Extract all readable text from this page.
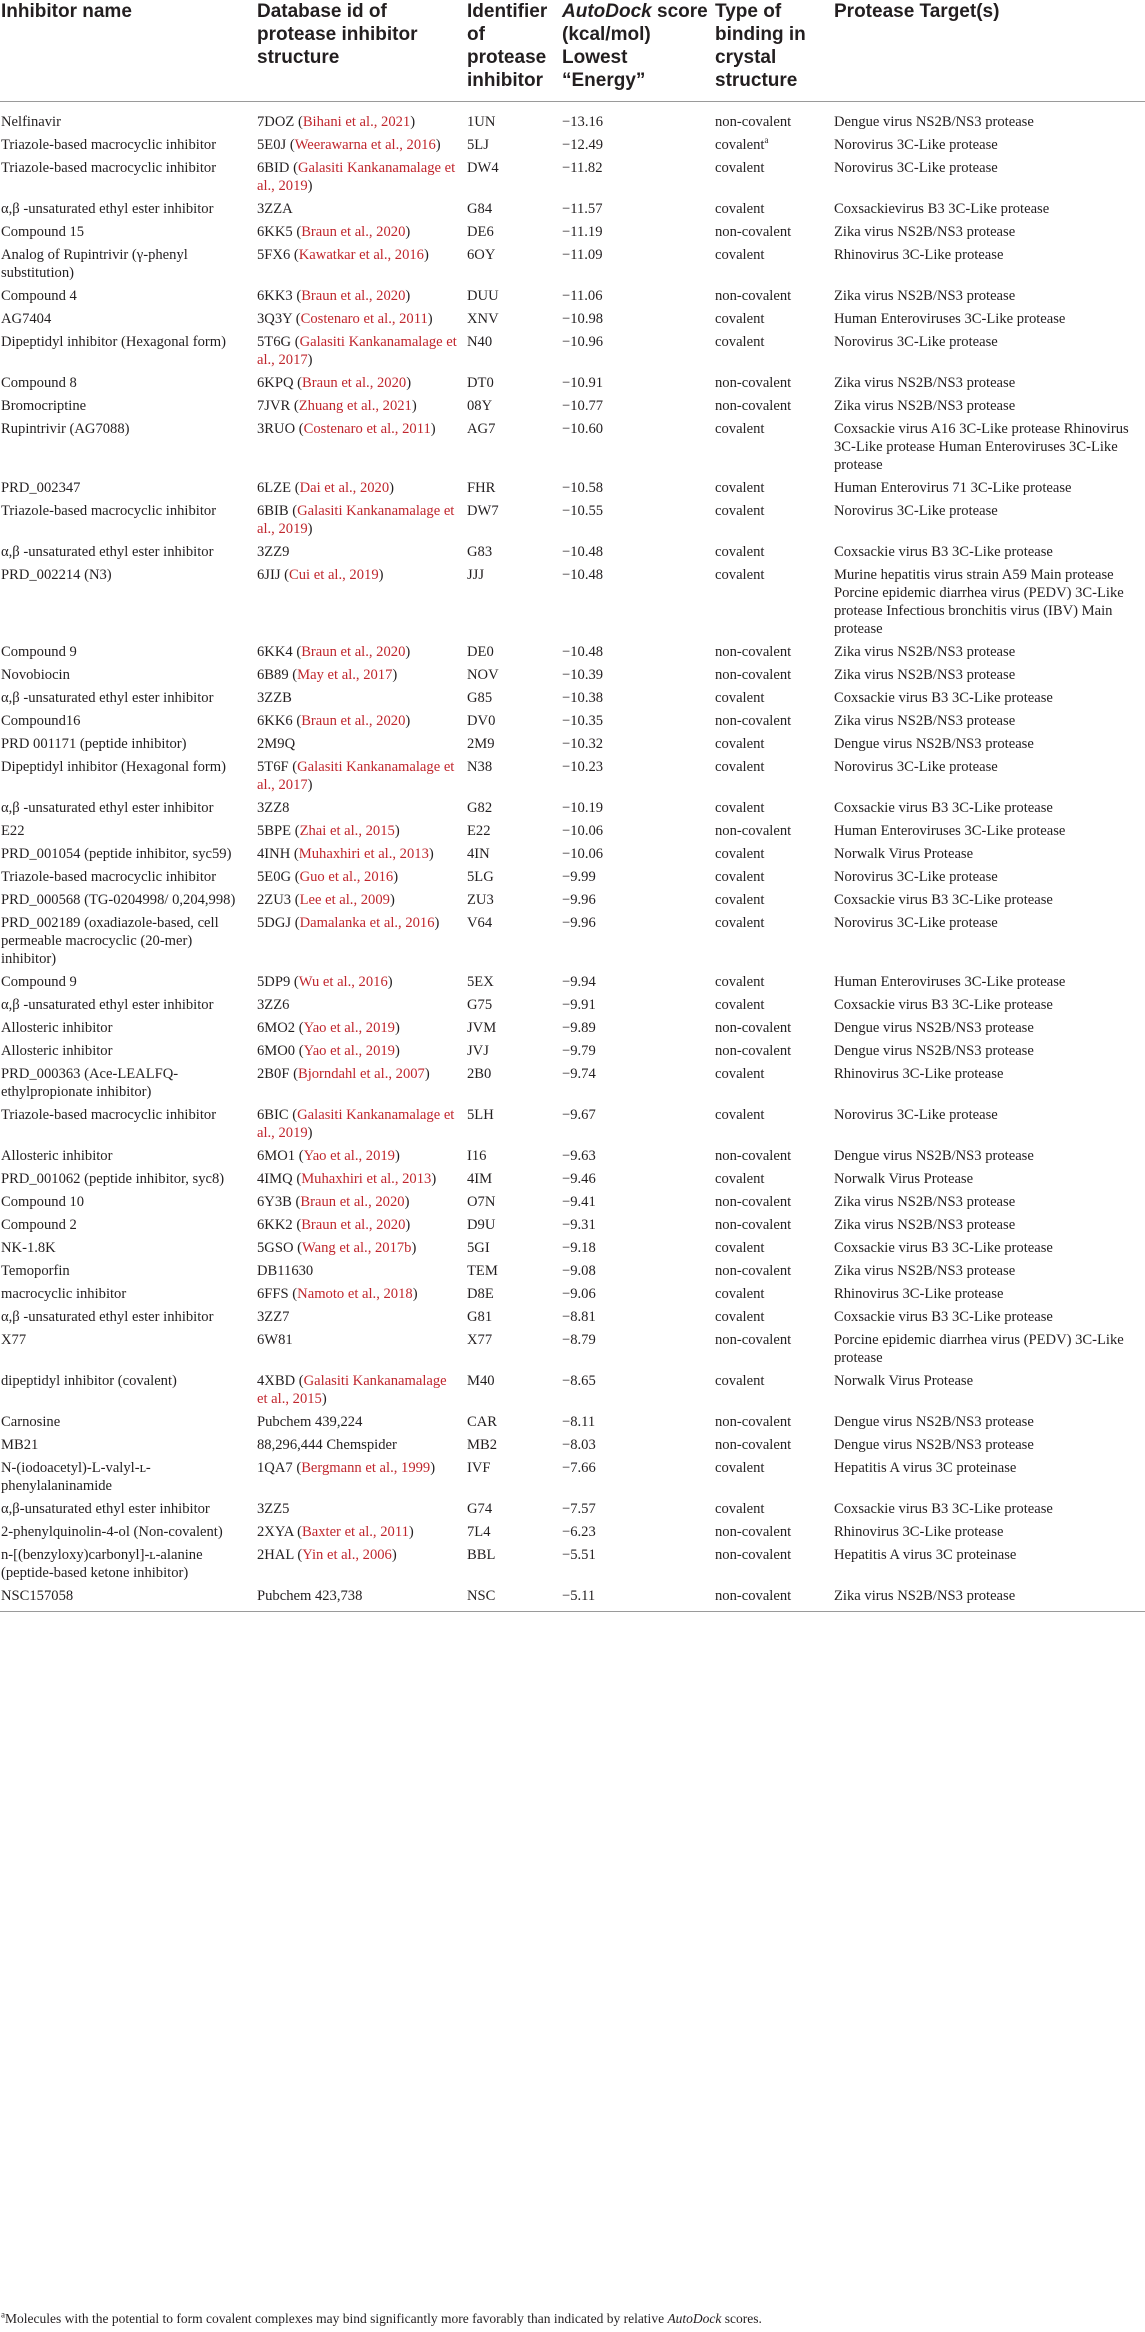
Inhibitor name	Database id of protease inhibitor structure	Identifier of protease inhibitor	AutoDock score (kcal/mol) Lowest “Energy”	Type of binding in crystal structure	Protease Target(s)
Nelfinavir	7DOZ (Bihani et al., 2021)	1UN	−13.16	non-covalent	Dengue virus NS2B/NS3 protease
Triazole-based macrocyclic inhibitor	5E0J (Weerawarna et al., 2016)	5LJ	−12.49	covalent$^a$	Norovirus 3C-Like protease
Triazole-based macrocyclic inhibitor	6BID (Galasiti Kankanamalage et al., 2019)	DW4	−11.82	covalent	Norovirus 3C-Like protease
α,β -unsaturated ethyl ester inhibitor	3ZZA	G84	−11.57	covalent	Coxsackievirus B3 3C-Like protease
Compound 15	6KK5 (Braun et al., 2020)	DE6	−11.19	non-covalent	Zika virus NS2B/NS3 protease
Analog of Rupintrivir (γ-phenyl substitution)	5FX6 (Kawatkar et al., 2016)	6OY	−11.09	covalent	Rhinovirus 3C-Like protease
Compound 4	6KK3 (Braun et al., 2020)	DUU	−11.06	non-covalent	Zika virus NS2B/NS3 protease
AG7404	3Q3Y (Costenaro et al., 2011)	XNV	−10.98	covalent	Human Enteroviruses 3C-Like protease
Dipeptidyl inhibitor (Hexagonal form)	5T6G (Galasiti Kankanamalage et al., 2017)	N40	−10.96	covalent	Norovirus 3C-Like protease
Compound 8	6KPQ (Braun et al., 2020)	DT0	−10.91	non-covalent	Zika virus NS2B/NS3 protease
Bromocriptine	7JVR (Zhuang et al., 2021)	08Y	−10.77	non-covalent	Zika virus NS2B/NS3 protease
Rupintrivir (AG7088)	3RUO (Costenaro et al., 2011)	AG7	−10.60	covalent	Coxsackie virus A16 3C-Like protease Rhinovirus 3C-Like protease Human Enteroviruses 3C-Like protease
PRD_002347	6LZE (Dai et al., 2020)	FHR	−10.58	covalent	Human Enterovirus 71 3C-Like protease
Triazole-based macrocyclic inhibitor	6BIB (Galasiti Kankanamalage et al., 2019)	DW7	−10.55	covalent	Norovirus 3C-Like protease
α,β -unsaturated ethyl ester inhibitor	3ZZ9	G83	−10.48	covalent	Coxsackie virus B3 3C-Like protease
PRD_002214 (N3)	6JIJ (Cui et al., 2019)	JJJ	−10.48	covalent	Murine hepatitis virus strain A59 Main protease Porcine epidemic diarrhea virus (PEDV) 3C-Like protease Infectious bronchitis virus (IBV) Main protease
Compound 9	6KK4 (Braun et al., 2020)	DE0	−10.48	non-covalent	Zika virus NS2B/NS3 protease
Novobiocin	6B89 (May et al., 2017)	NOV	−10.39	non-covalent	Zika virus NS2B/NS3 protease
α,β -unsaturated ethyl ester inhibitor	3ZZB	G85	−10.38	covalent	Coxsackie virus B3 3C-Like protease
Compound16	6KK6 (Braun et al., 2020)	DV0	−10.35	non-covalent	Zika virus NS2B/NS3 protease
PRD 001171 (peptide inhibitor)	2M9Q	2M9	−10.32	covalent	Dengue virus NS2B/NS3 protease
Dipeptidyl inhibitor (Hexagonal form)	5T6F (Galasiti Kankanamalage et al., 2017)	N38	−10.23	covalent	Norovirus 3C-Like protease
α,β -unsaturated ethyl ester inhibitor	3ZZ8	G82	−10.19	covalent	Coxsackie virus B3 3C-Like protease
E22	5BPE (Zhai et al., 2015)	E22	−10.06	non-covalent	Human Enteroviruses 3C-Like protease
PRD_001054 (peptide inhibitor, syc59)	4INH (Muhaxhiri et al., 2013)	4IN	−10.06	covalent	Norwalk Virus Protease
Triazole-based macrocyclic inhibitor	5E0G (Guo et al., 2016)	5LG	−9.99	covalent	Norovirus 3C-Like protease
PRD_000568 (TG-0204998/ 0,204,998)	2ZU3 (Lee et al., 2009)	ZU3	−9.96	covalent	Coxsackie virus B3 3C-Like protease
PRD_002189 (oxadiazole-based, cell permeable macrocyclic (20-mer) inhibitor)	5DGJ (Damalanka et al., 2016)	V64	−9.96	covalent	Norovirus 3C-Like protease
Compound 9	5DP9 (Wu et al., 2016)	5EX	−9.94	covalent	Human Enteroviruses 3C-Like protease
α,β -unsaturated ethyl ester inhibitor	3ZZ6	G75	−9.91	covalent	Coxsackie virus B3 3C-Like protease
Allosteric inhibitor	6MO2 (Yao et al., 2019)	JVM	−9.89	non-covalent	Dengue virus NS2B/NS3 protease
Allosteric inhibitor	6MO0 (Yao et al., 2019)	JVJ	−9.79	non-covalent	Dengue virus NS2B/NS3 protease
PRD_000363 (Ace-LEALFQ-ethylpropionate inhibitor)	2B0F (Bjorndahl et al., 2007)	2B0	−9.74	covalent	Rhinovirus 3C-Like protease
Triazole-based macrocyclic inhibitor	6BIC (Galasiti Kankanamalage et al., 2019)	5LH	−9.67	covalent	Norovirus 3C-Like protease
Allosteric inhibitor	6MO1 (Yao et al., 2019)	I16	−9.63	non-covalent	Dengue virus NS2B/NS3 protease
PRD_001062 (peptide inhibitor, syc8)	4IMQ (Muhaxhiri et al., 2013)	4IM	−9.46	covalent	Norwalk Virus Protease
Compound 10	6Y3B (Braun et al., 2020)	O7N	−9.41	non-covalent	Zika virus NS2B/NS3 protease
Compound 2	6KK2 (Braun et al., 2020)	D9U	−9.31	non-covalent	Zika virus NS2B/NS3 protease
NK-1.8K	5GSO (Wang et al., 2017b)	5GI	−9.18	covalent	Coxsackie virus B3 3C-Like protease
Temoporfin	DB11630	TEM	−9.08	non-covalent	Zika virus NS2B/NS3 protease
macrocyclic inhibitor	6FFS (Namoto et al., 2018)	D8E	−9.06	covalent	Rhinovirus 3C-Like protease
α,β -unsaturated ethyl ester inhibitor	3ZZ7	G81	−8.81	covalent	Coxsackie virus B3 3C-Like protease
X77	6W81	X77	−8.79	non-covalent	Porcine epidemic diarrhea virus (PEDV) 3C-Like protease
dipeptidyl inhibitor (covalent)	4XBD (Galasiti Kankanamalage et al., 2015)	M40	−8.65	covalent	Norwalk Virus Protease
Carnosine	Pubchem 439,224	CAR	−8.11	non-covalent	Dengue virus NS2B/NS3 protease
MB21	88,296,444 Chemspider	MB2	−8.03	non-covalent	Dengue virus NS2B/NS3 protease
N-(iodoacetyl)-L-valyl-ʟ-phenylalaninamide	1QA7 (Bergmann et al., 1999)	IVF	−7.66	covalent	Hepatitis A virus 3C proteinase
α,β-unsaturated ethyl ester inhibitor	3ZZ5	G74	−7.57	covalent	Coxsackie virus B3 3C-Like protease
2-phenylquinolin-4-ol (Non-covalent)	2XYA (Baxter et al., 2011)	7L4	−6.23	non-covalent	Rhinovirus 3C-Like protease
n-[(benzyloxy)carbonyl]-ʟ-alanine (peptide-based ketone inhibitor)	2HAL (Yin et al., 2006)	BBL	−5.51	non-covalent	Hepatitis A virus 3C proteinase
NSC157058	Pubchem 423,738	NSC	−5.11	non-covalent	Zika virus NS2B/NS3 protease
$^a$Molecules with the potential to form covalent complexes may bind significantly more favorably than indicated by relative AutoDock scores.
